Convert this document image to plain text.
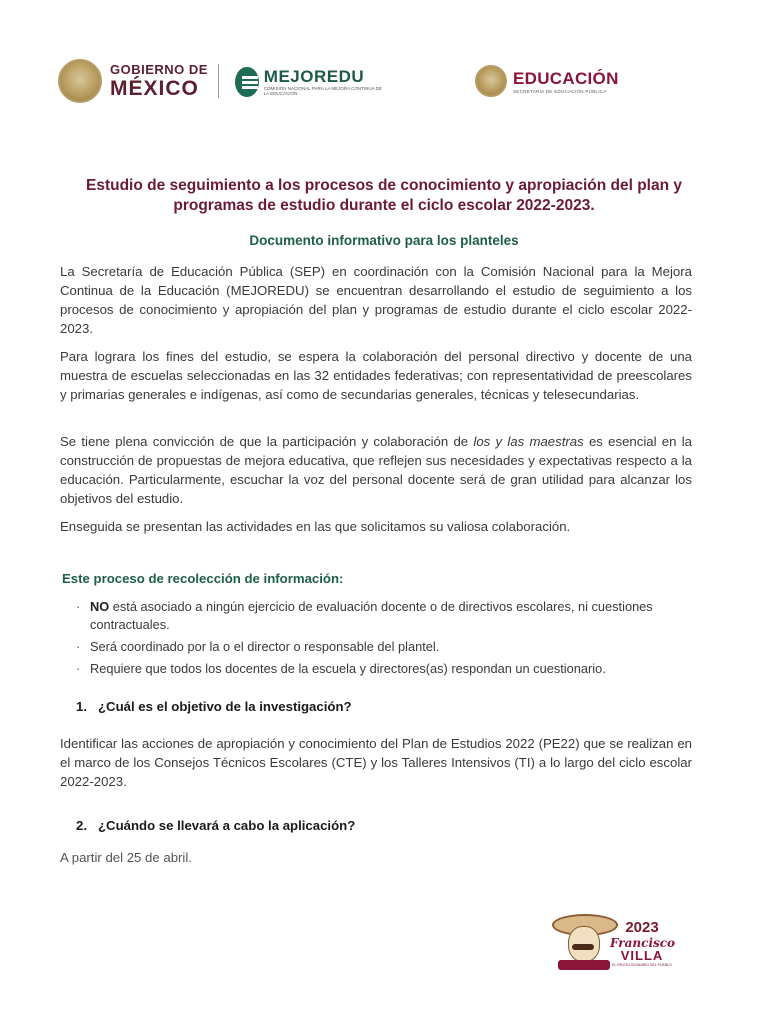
GOBIERNO DE
MÉXICO
MEJOREDU
COMISIÓN NACIONAL PARA LA MEJORA CONTINUA DE LA EDUCACIÓN
EDUCACIÓN
SECRETARÍA DE EDUCACIÓN PÚBLICA
Estudio de seguimiento a los procesos de conocimiento y apropiación del plan y programas de estudio durante el ciclo escolar 2022-2023.
Documento informativo para los planteles
La Secretaría de Educación Pública (SEP) en coordinación con la Comisión Nacional para la Mejora Continua de la Educación (MEJOREDU) se encuentran desarrollando el estudio de seguimiento a los procesos de conocimiento y apropiación del plan y programas de estudio durante el ciclo escolar 2022-2023.
Para lograra los fines del estudio, se espera la colaboración del personal directivo y docente de una muestra de escuelas seleccionadas en las 32 entidades federativas; con representatividad de preescolares y primarias generales e indígenas, así como de secundarias generales, técnicas y telesecundarias.
Se tiene plena convicción de que la participación y colaboración de los y las maestras es esencial en la construcción de propuestas de mejora educativa, que reflejen sus necesidades y expectativas respecto a la educación. Particularmente, escuchar la voz del personal docente será de gran utilidad para alcanzar los objetivos del estudio.
Enseguida se presentan las actividades en las que solicitamos su valiosa colaboración.
Este proceso de recolección de información:
· NO está asociado a ningún ejercicio de evaluación docente o de directivos escolares, ni cuestiones contractuales.
· Será coordinado por la o el director o responsable del plantel.
· Requiere que todos los docentes de la escuela y directores(as) respondan un cuestionario.
1. ¿Cuál es el objetivo de la investigación?
Identificar las acciones de apropiación y conocimiento del Plan de Estudios 2022 (PE22) que se realizan en el marco de los Consejos Técnicos Escolares (CTE) y los Talleres Intensivos (TI) a lo largo del ciclo escolar 2022-2023.
2. ¿Cuándo se llevará a cabo la aplicación?
A partir del 25 de abril.
2023
Francisco
VILLA
EL REVOLUCIONARIO DEL PUEBLO
